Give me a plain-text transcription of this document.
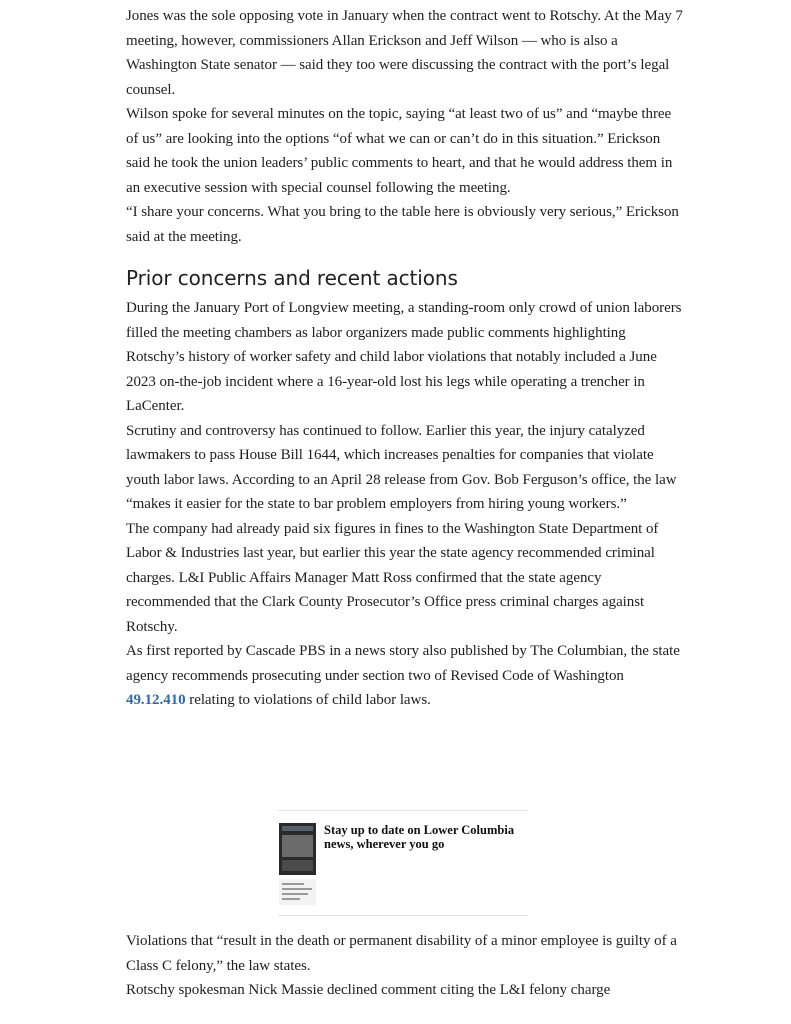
Jones was the sole opposing vote in January when the contract went to Rotschy. At the May 7 meeting, however, commissioners Allan Erickson and Jeff Wilson — who is also a Washington State senator — said they too were discussing the contract with the port’s legal counsel.

Wilson spoke for several minutes on the topic, saying “at least two of us” and “maybe three of us” are looking into the options “of what we can or can’t do in this situation.” Erickson said he took the union leaders’ public comments to heart, and that he would address them in an executive session with special counsel following the meeting.

“I share your concerns. What you bring to the table here is obviously very serious,” Erickson said at the meeting.

Prior concerns and recent actions

During the January Port of Longview meeting, a standing-room only crowd of union laborers filled the meeting chambers as labor organizers made public comments highlighting Rotschy’s history of worker safety and child labor violations that notably included a June 2023 on-the-job incident where a 16-year-old lost his legs while operating a trencher in LaCenter.

Scrutiny and controversy has continued to follow. Earlier this year, the injury catalyzed lawmakers to pass House Bill 1644, which increases penalties for companies that violate youth labor laws. According to an April 28 release from Gov. Bob Ferguson’s office, the law “makes it easier for the state to bar problem employers from hiring young workers.”

The company had already paid six figures in fines to the Washington State Department of Labor & Industries last year, but earlier this year the state agency recommended criminal charges. L&I Public Affairs Manager Matt Ross confirmed that the state agency recommended that the Clark County Prosecutor’s Office press criminal charges against Rotschy.

As first reported by Cascade PBS in a news story also published by The Columbian, the state agency recommends prosecuting under section two of Revised Code of Washington 49.12.410 relating to violations of child labor laws.

Stay up to date on Lower Columbia news, wherever you go

Violations that “result in the death or permanent disability of a minor employee is guilty of a Class C felony,” the law states.

Rotschy spokesman Nick Massie declined comment citing the L&I felony charge
